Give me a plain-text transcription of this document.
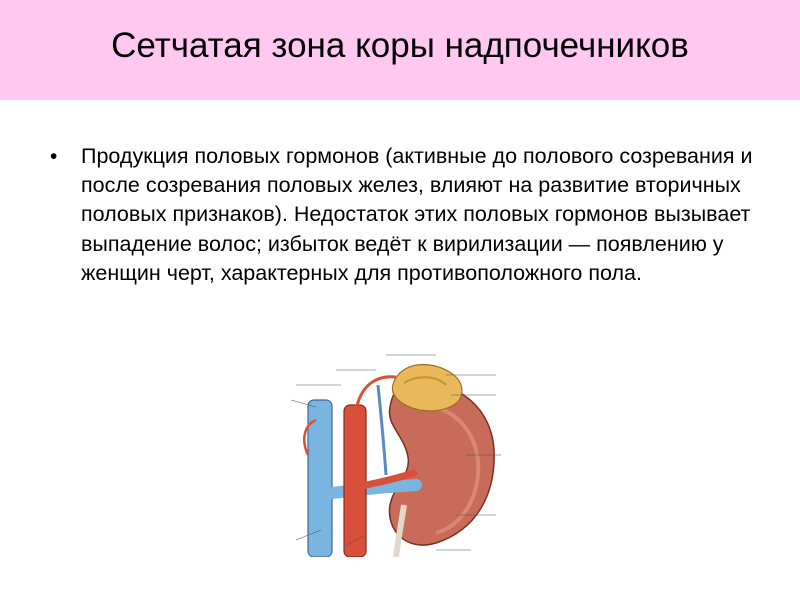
Сетчатая зона коры надпочечников
• Продукция половых гормонов (активные до полового созревания и после созревания половых желез, влияют на развитие вторичных половых признаков). Недостаток этих половых гормонов вызывает выпадение волос; избыток ведёт к вирилизации — появлению у женщин черт, характерных для противоположного пола.
